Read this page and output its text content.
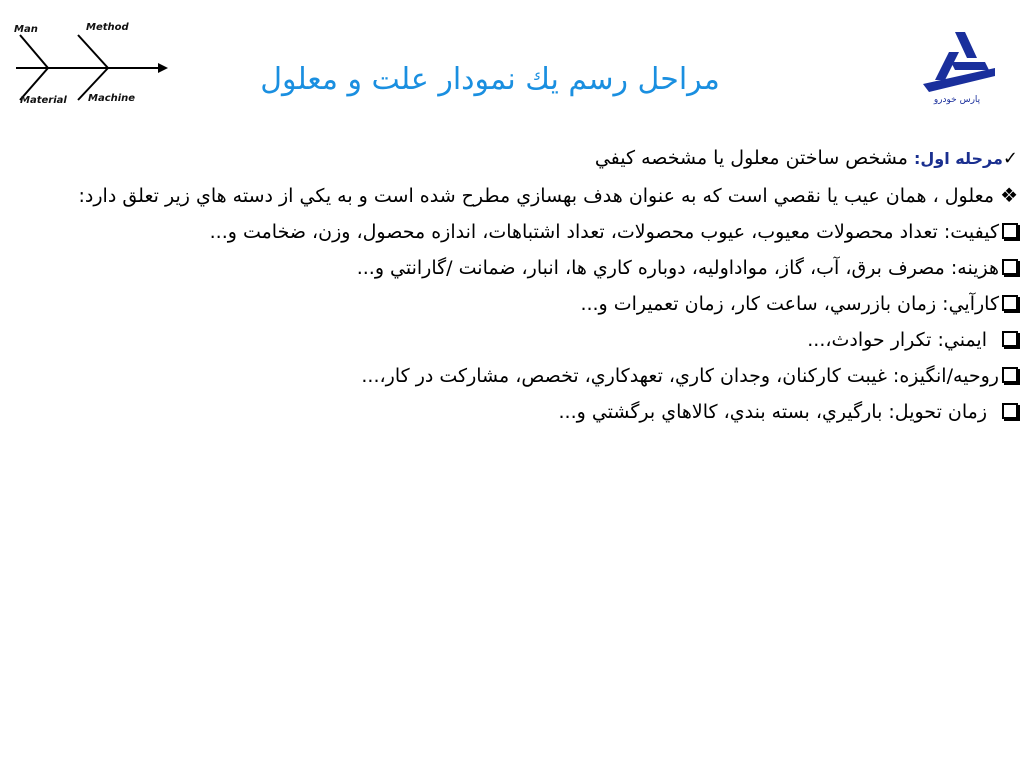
Man	Method
Material Machine
مراحل رسم يك نمودار علت و معلول
پارس خودرو
✓مرحله اول: مشخص ساختن معلول يا مشخصه كيفي
❖ معلول ، همان عيب يا نقصي است كه به عنوان هدف بهسازي مطرح شده است و به يكي از دسته هاي زير تعلق دارد:
كيفيت: تعداد محصولات معيوب، عيوب محصولات، تعداد اشتباهات، اندازه محصول، وزن، ضخامت و...
هزينه: مصرف برق، آب، گاز، مواداوليه، دوباره كاري ها، انبار، ضمانت /گارانتي و...
كارآيي: زمان بازرسي، ساعت كار، زمان تعميرات و...
ايمني: تكرار حوادث،...
روحيه/انگيزه: غيبت كاركنان، وجدان كاري، تعهدكاري، تخصص، مشاركت در كار،...
زمان تحويل: بارگيري، بسته بندي، كالاهاي برگشتي و...
